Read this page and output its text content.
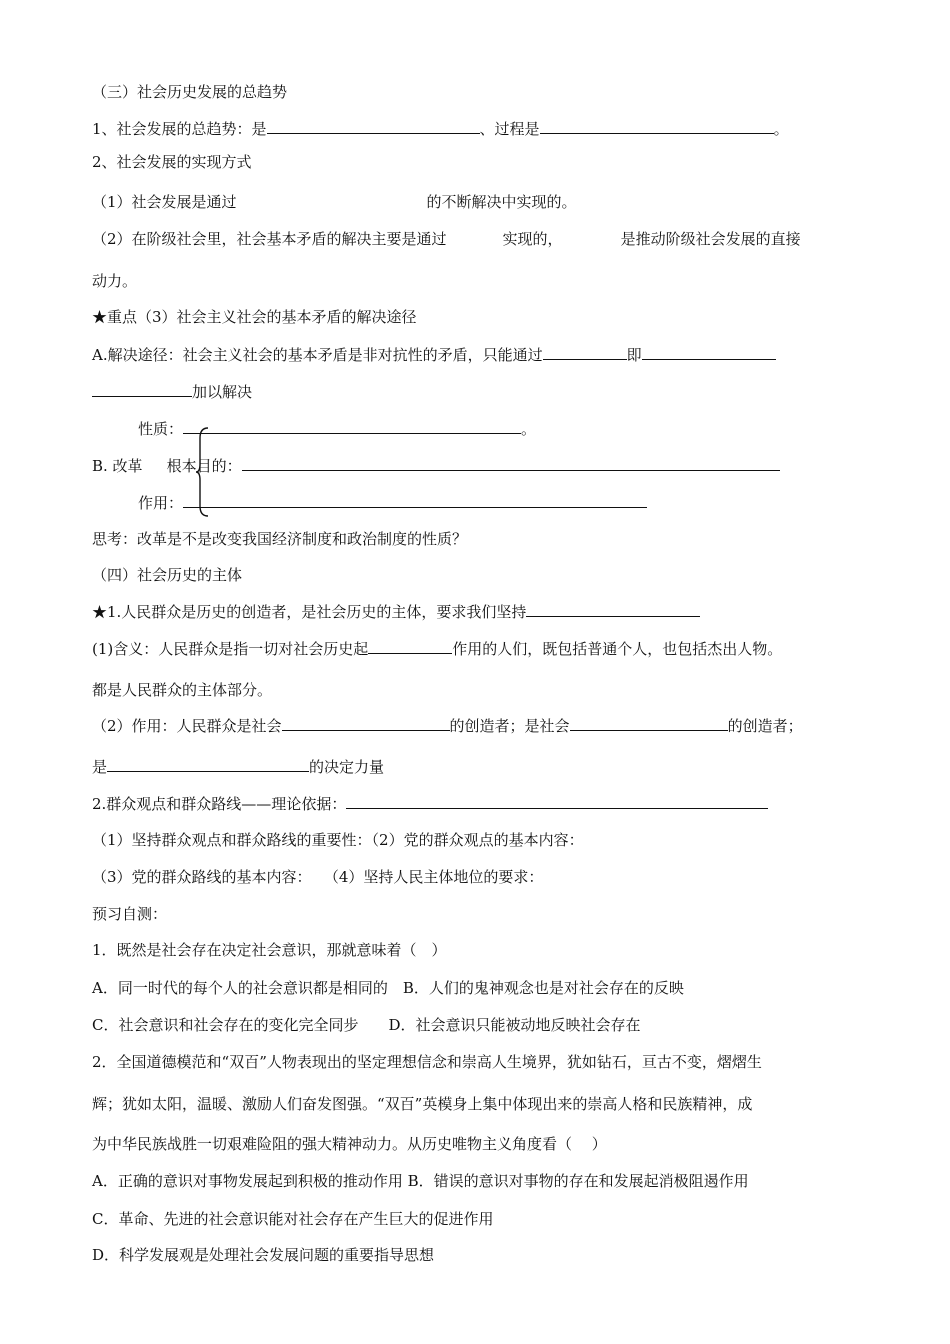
（三）社会历史发展的总趋势
1、社会发展的总趋势：是	、过程是	。
2、社会发展的实现方式
（1）社会发展是通过	的不断解决中实现的。
（2）在阶级社会里，社会基本矛盾的解决主要是通过	实现的，	是推动阶级社会发展的直接
动力。
★重点（3）社会主义社会的基本矛盾的解决途径
A.解决途径：社会主义社会的基本矛盾是非对抗性的矛盾，只能通过	即
加以解决
性质：	。
B. 改革 根本目的：
作用：
思考：改革是不是改变我国经济制度和政治制度的性质？
（四）社会历史的主体
★1.人民群众是历史的创造者，是社会历史的主体，要求我们坚持
(1)含义：人民群众是指一切对社会历史起	作用的人们，既包括普通个人，也包括杰出人物。
都是人民群众的主体部分。
（2）作用：人民群众是社会	的创造者；是社会	的创造者；
是	的决定力量
2.群众观点和群众路线——理论依据：
（1）坚持群众观点和群众路线的重要性：（2）党的群众观点的基本内容：
（3）党的群众路线的基本内容：　 （4）坚持人民主体地位的要求：
预习自测：
1．既然是社会存在决定社会意识，那就意味着（　）
A．同一时代的每个人的社会意识都是相同的　B．人们的鬼神观念也是对社会存在的反映
C．社会意识和社会存在的变化完全同步　　D．社会意识只能被动地反映社会存在
2．全国道德模范和“双百”人物表现出的坚定理想信念和崇高人生境界，犹如钻石，亘古不变，熠熠生
辉；犹如太阳，温暖、激励人们奋发图强。“双百”英模身上集中体现出来的崇高人格和民族精神，成
为中华民族战胜一切艰难险阻的强大精神动力。从历史唯物主义角度看（　 ）
A．正确的意识对事物发展起到积极的推动作用 B．错误的意识对事物的存在和发展起消极阻遏作用
C．革命、先进的社会意识能对社会存在产生巨大的促进作用
D．科学发展观是处理社会发展问题的重要指导思想
